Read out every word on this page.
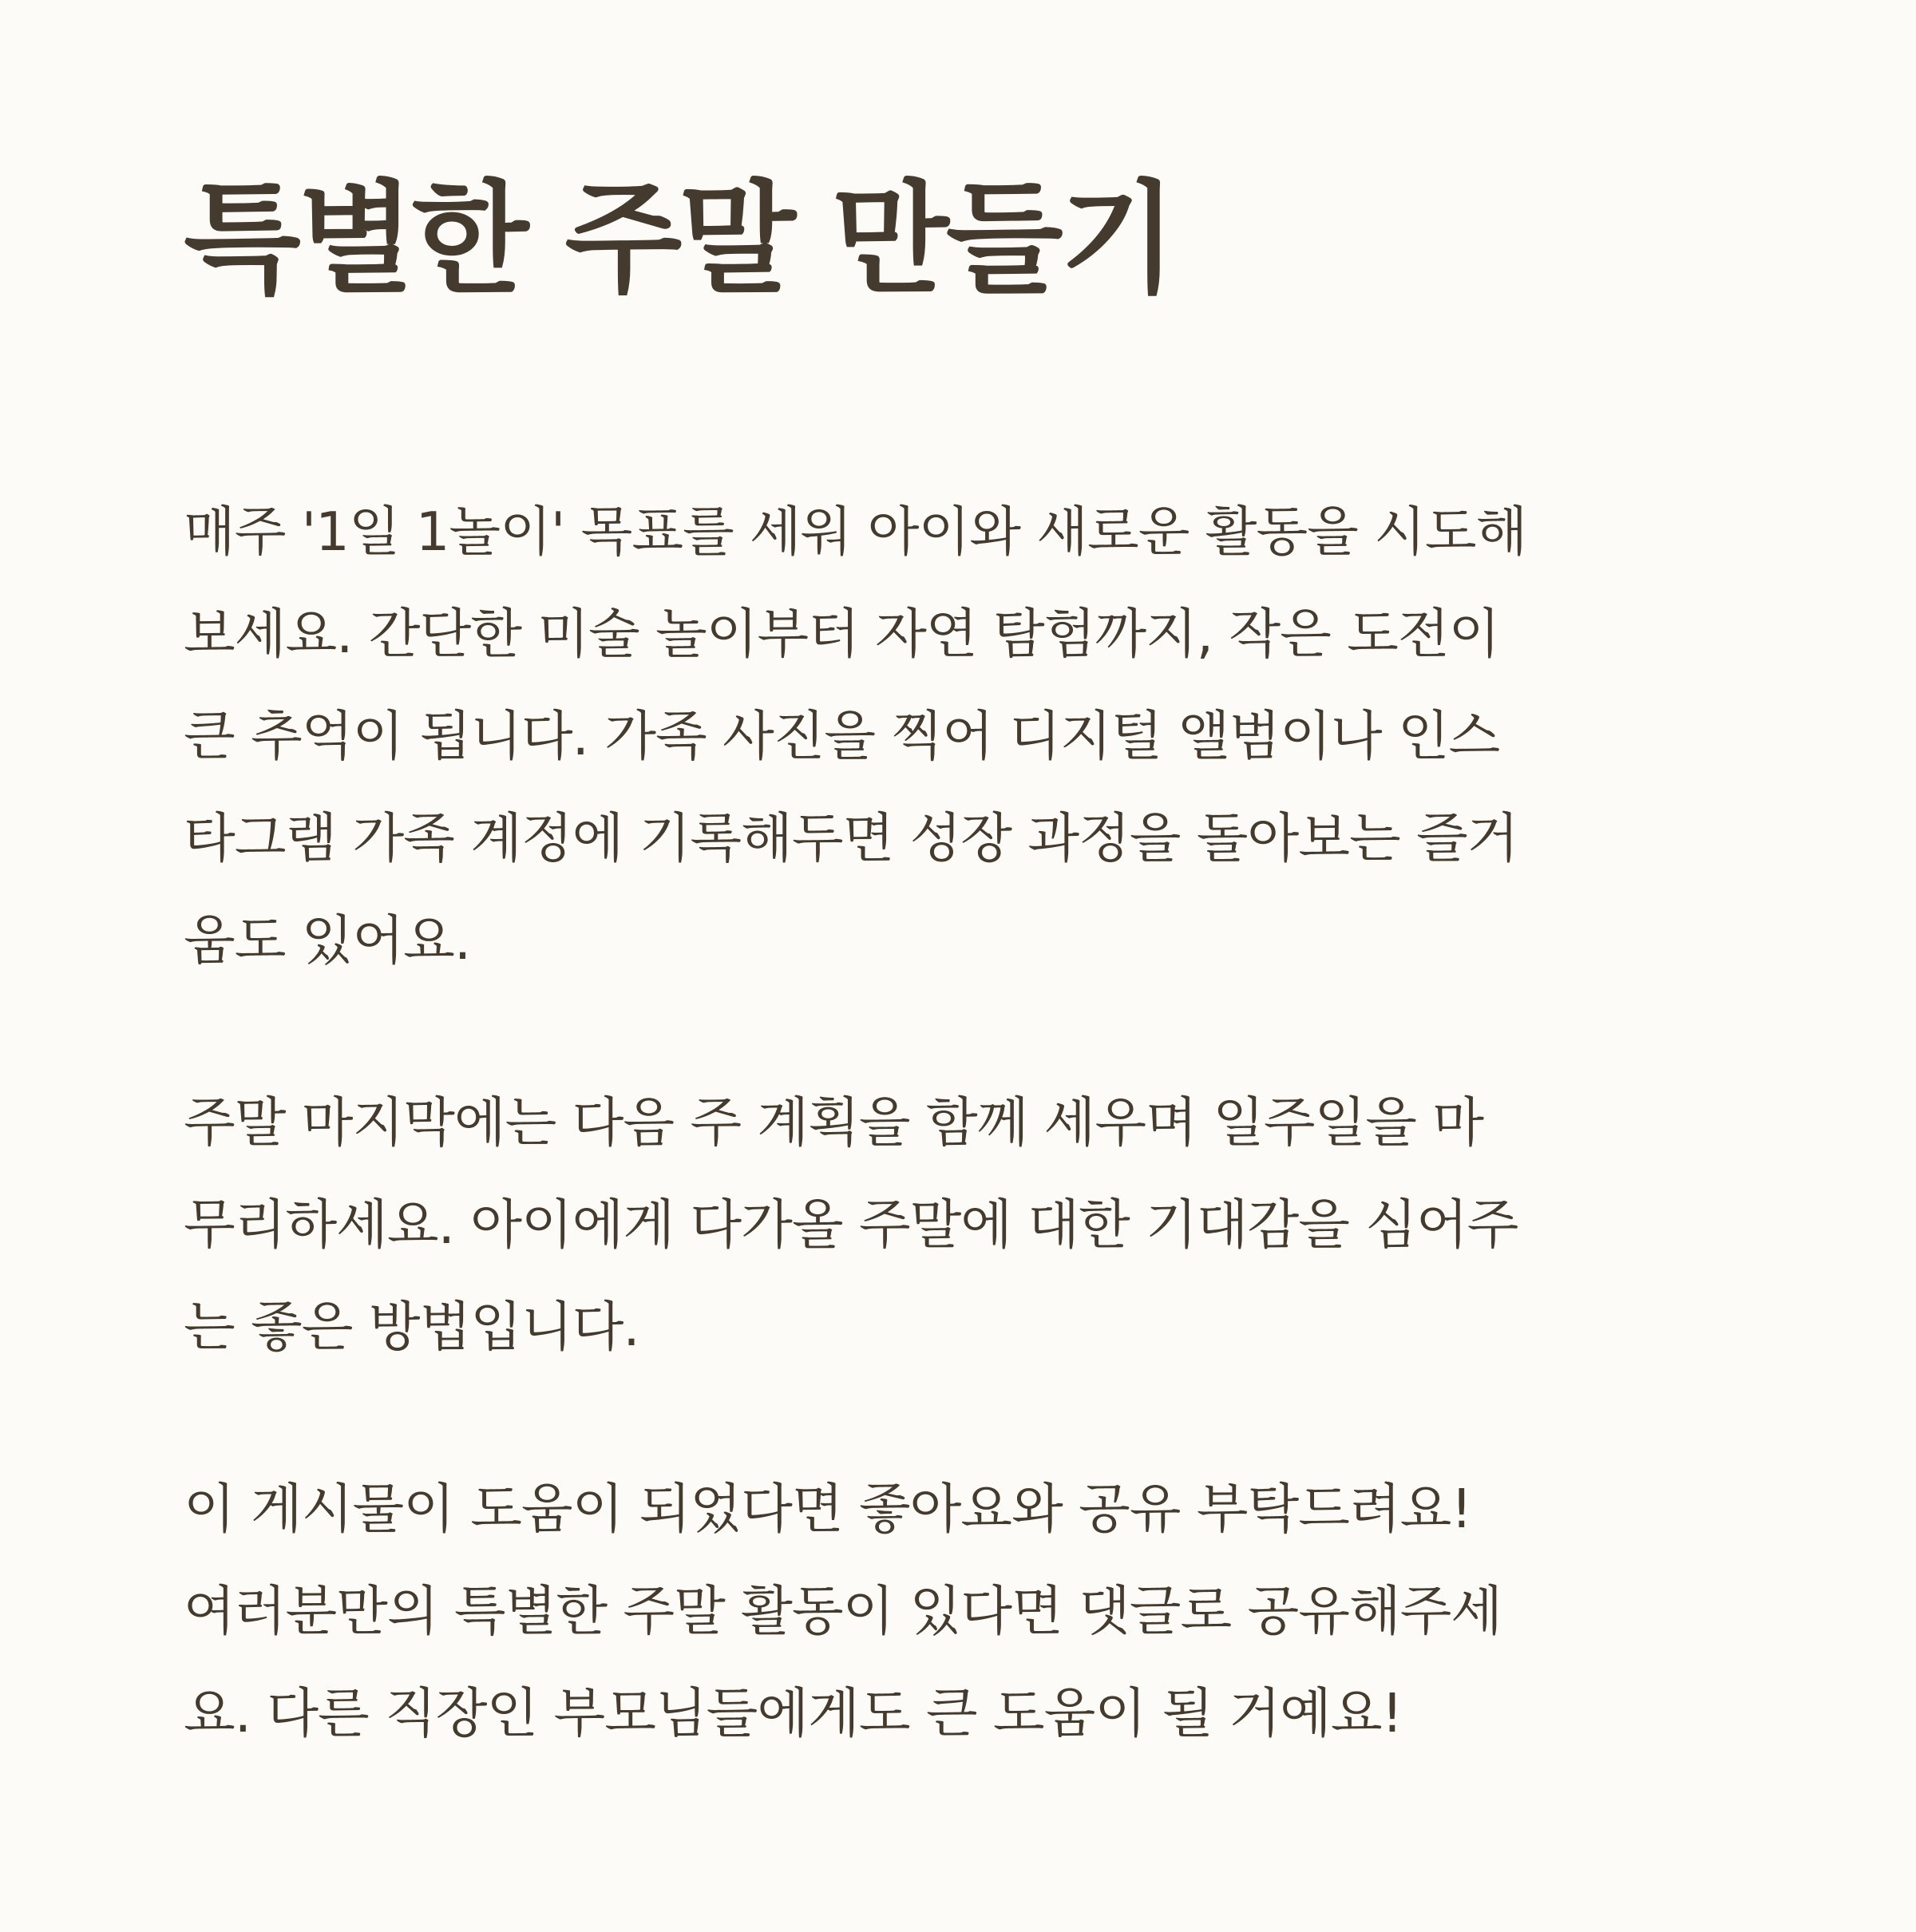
특별한 주말 만들기

매주 '1일 1놀이' 목표를 세워 아이와 새로운 활동을 시도해
보세요. 간단한 미술 놀이부터 자연 탐험까지, 작은 도전이
큰 추억이 됩니다. 가족 사진을 찍어 디지털 앨범이나 인스
타그램 가족 계정에 기록해두면 성장 과정을 돌아보는 즐거
움도 있어요.

주말 마지막에는 다음 주 계획을 함께 세우며 일주일을 마
무리하세요. 아이에게 다가올 주말에 대한 기대감을 심어주
는 좋은 방법입니다.

이 게시물이 도움이 되었다면 좋아요와 공유 부탁드려요!
여러분만의 특별한 주말 활동이 있다면 댓글로 공유해주세
요. 다른 직장인 부모님들에게도 큰 도움이 될 거예요!
